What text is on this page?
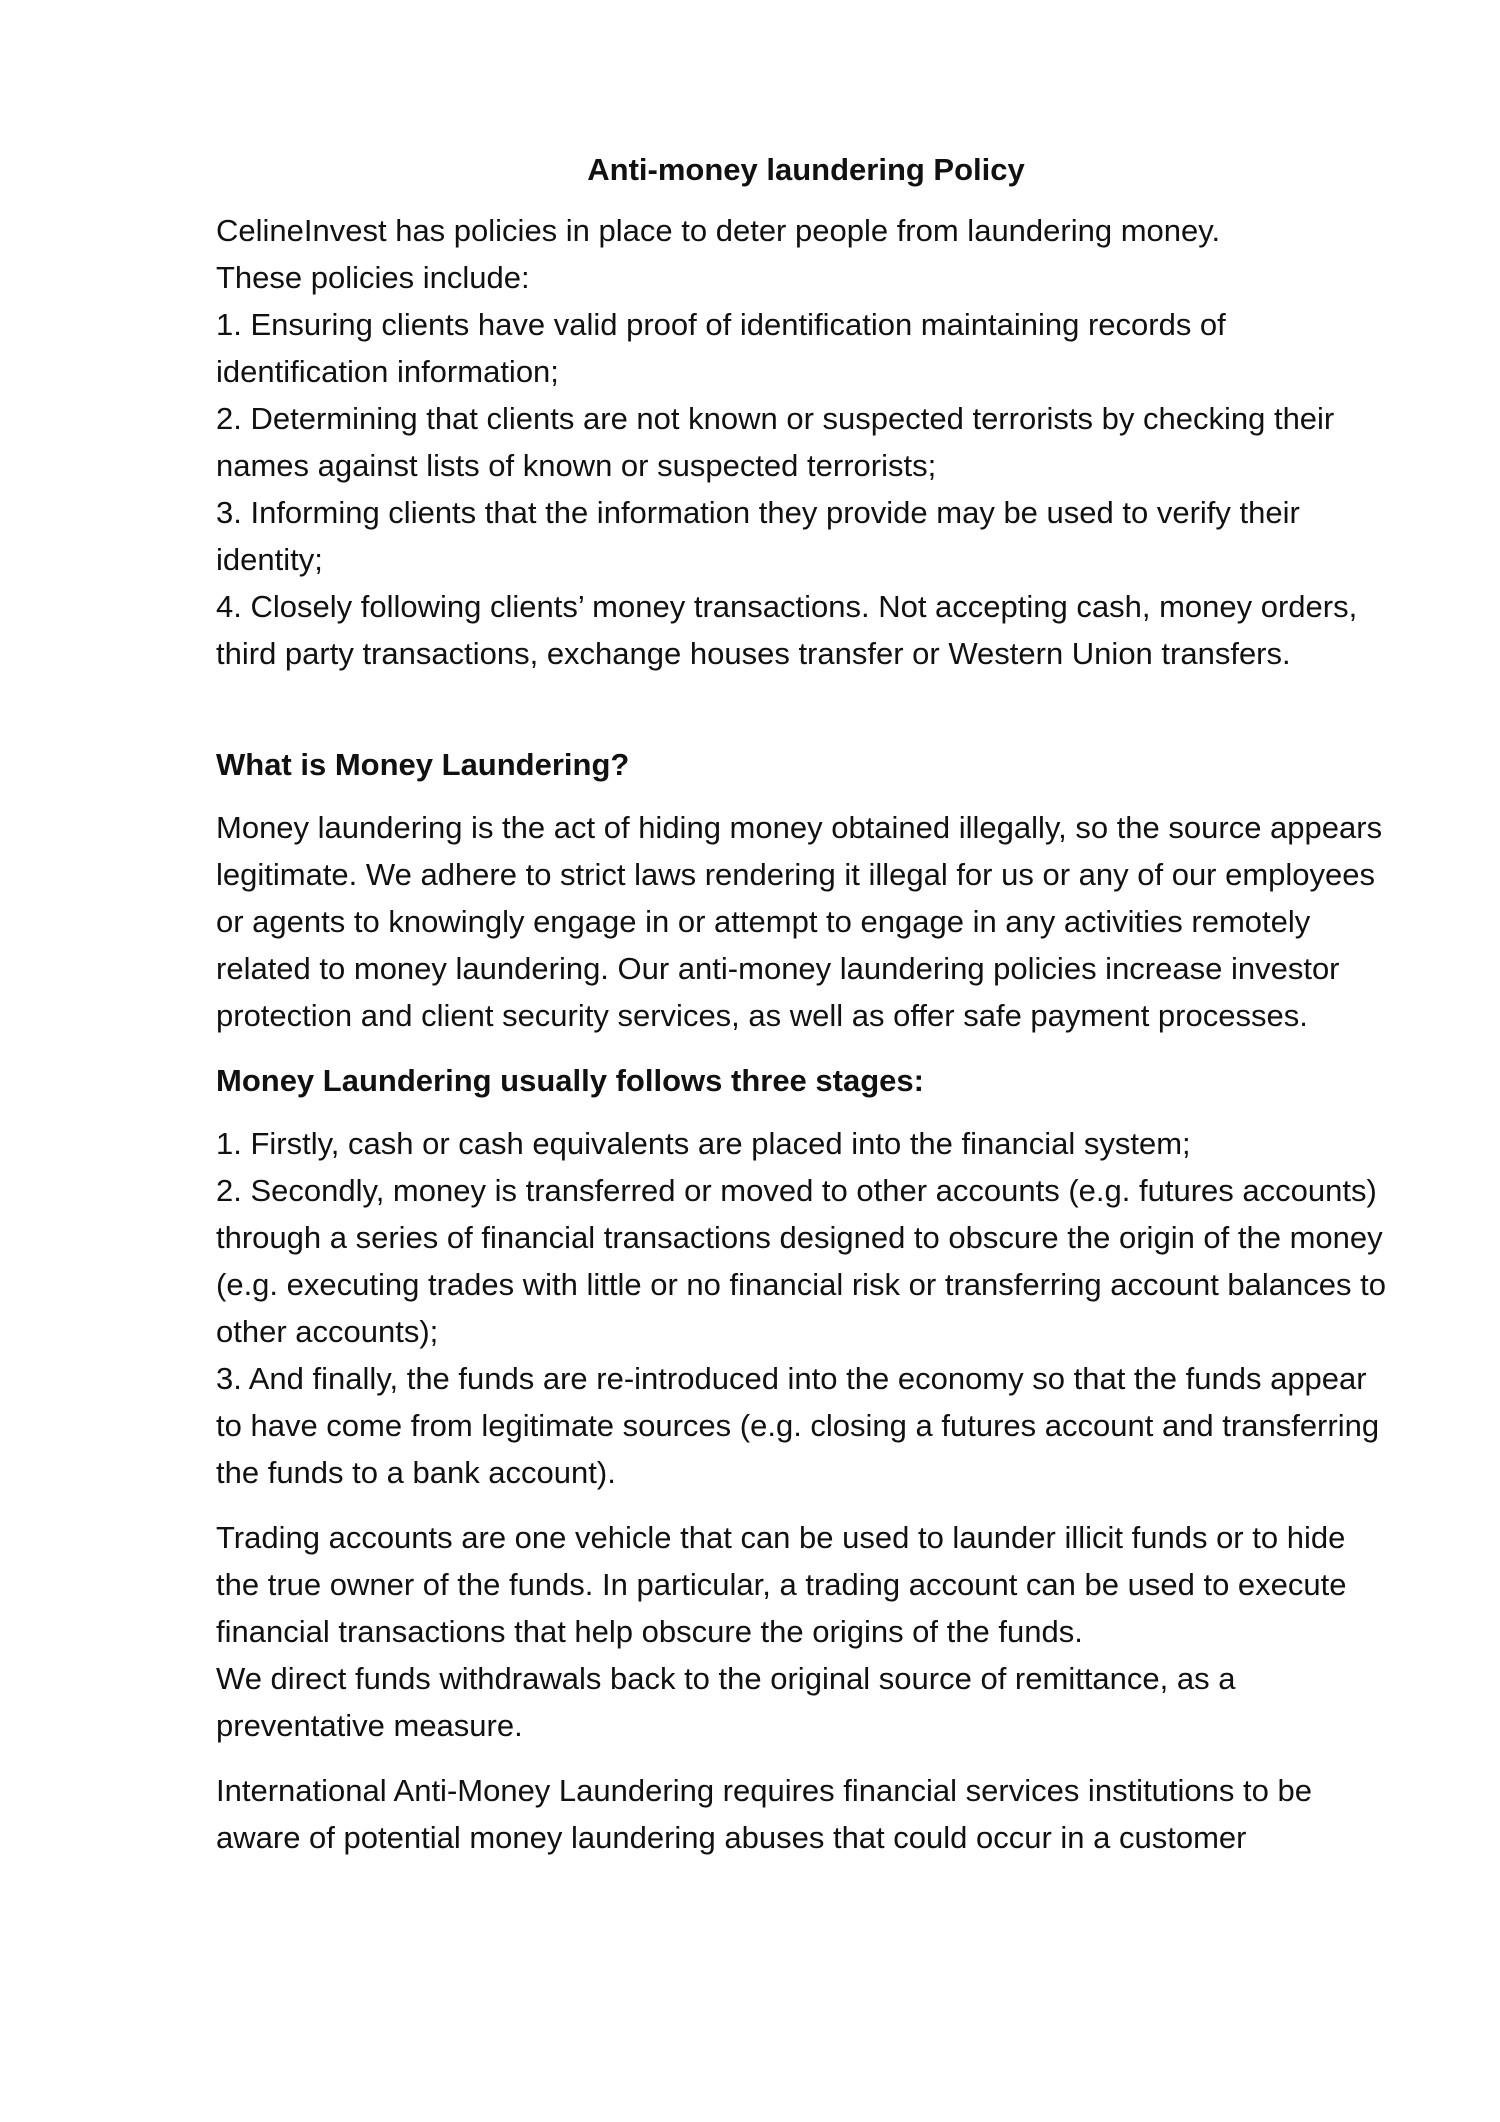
Anti-money laundering Policy

CelineInvest has policies in place to deter people from laundering money.

These policies include:

1. Ensuring clients have valid proof of identification maintaining records of identification information;

2. Determining that clients are not known or suspected terrorists by checking their names against lists of known or suspected terrorists;

3. Informing clients that the information they provide may be used to verify their identity;

4. Closely following clients’ money transactions. Not accepting cash, money orders, third party transactions, exchange houses transfer or Western Union transfers.

What is Money Laundering?

Money laundering is the act of hiding money obtained illegally, so the source appears legitimate. We adhere to strict laws rendering it illegal for us or any of our employees or agents to knowingly engage in or attempt to engage in any activities remotely related to money laundering. Our anti-money laundering policies increase investor protection and client security services, as well as offer safe payment processes.

Money Laundering usually follows three stages:

1. Firstly, cash or cash equivalents are placed into the financial system;

2. Secondly, money is transferred or moved to other accounts (e.g. futures accounts) through a series of financial transactions designed to obscure the origin of the money (e.g. executing trades with little or no financial risk or transferring account balances to other accounts);

3. And finally, the funds are re-introduced into the economy so that the funds appear to have come from legitimate sources (e.g. closing a futures account and transferring the funds to a bank account).

Trading accounts are one vehicle that can be used to launder illicit funds or to hide the true owner of the funds. In particular, a trading account can be used to execute financial transactions that help obscure the origins of the funds.

We direct funds withdrawals back to the original source of remittance, as a preventative measure.

International Anti-Money Laundering requires financial services institutions to be aware of potential money laundering abuses that could occur in a customer
